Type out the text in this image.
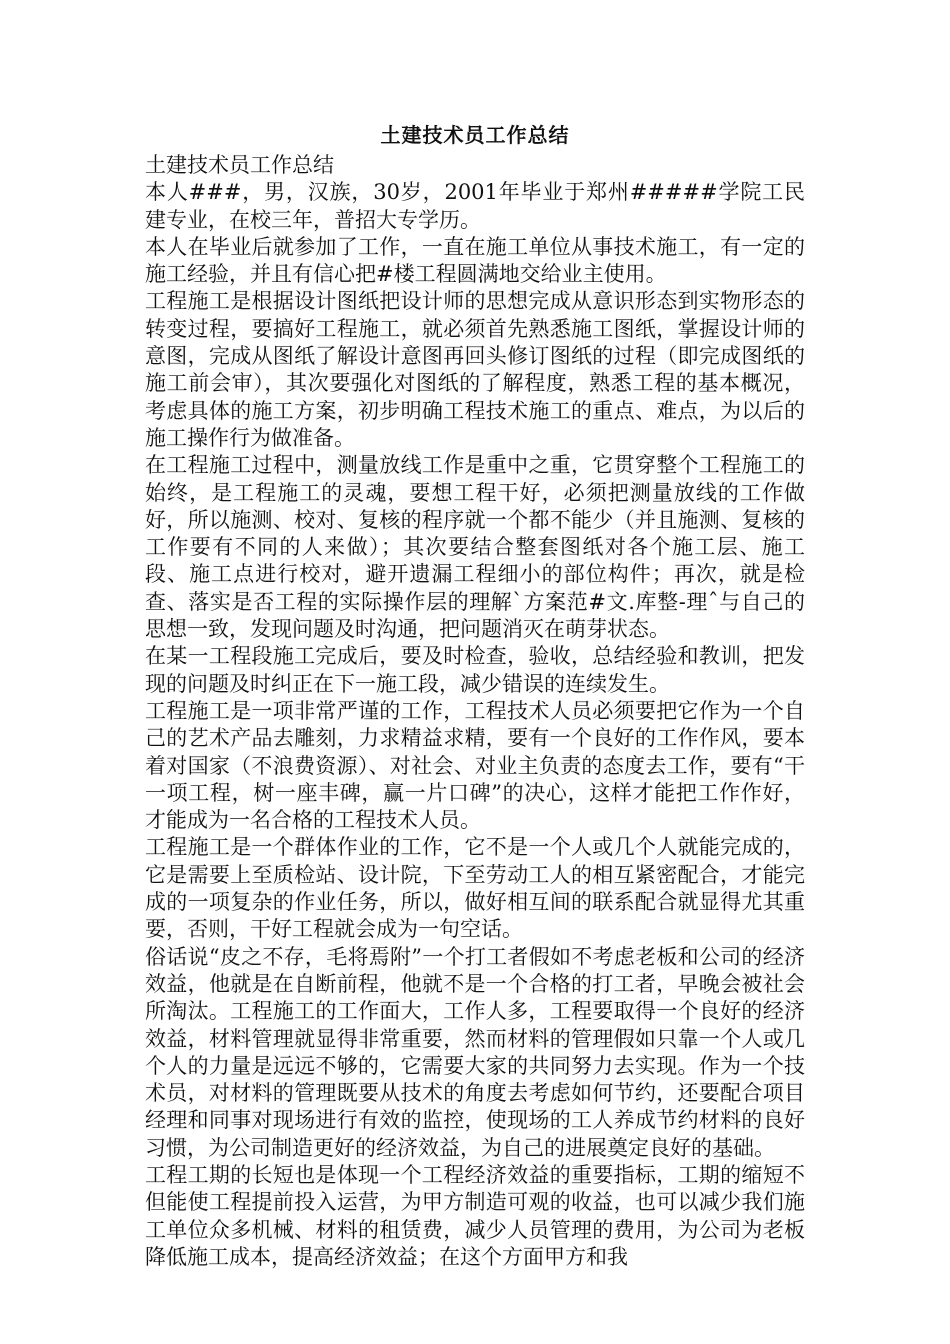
土建技术员工作总结

土建技术员工作总结

本人###，男，汉族，30岁，2001年毕业于郑州#####学院工民建专业，在校三年，普招大专学历。

本人在毕业后就参加了工作，一直在施工单位从事技术施工，有一定的施工经验，并且有信心把#楼工程圆满地交给业主使用。

工程施工是根据设计图纸把设计师的思想完成从意识形态到实物形态的转变过程，要搞好工程施工，就必须首先熟悉施工图纸，掌握设计师的意图，完成从图纸了解设计意图再回头修订图纸的过程（即完成图纸的施工前会审），其次要强化对图纸的了解程度，熟悉工程的基本概况，考虑具体的施工方案，初步明确工程技术施工的重点、难点，为以后的施工操作行为做准备。

在工程施工过程中，测量放线工作是重中之重，它贯穿整个工程施工的始终，是工程施工的灵魂，要想工程干好，必须把测量放线的工作做好，所以施测、校对、复核的程序就一个都不能少（并且施测、复核的工作要有不同的人来做）；其次要结合整套图纸对各个施工层、施工段、施工点进行校对，避开遗漏工程细小的部位构件；再次，就是检查、落实是否工程的实际操作层的理解`方案范#文.库整-理ˆ与自己的思想一致，发现问题及时沟通，把问题消灭在萌芽状态。

在某一工程段施工完成后，要及时检查，验收，总结经验和教训，把发现的问题及时纠正在下一施工段，减少错误的连续发生。

工程施工是一项非常严谨的工作，工程技术人员必须要把它作为一个自己的艺术产品去雕刻，力求精益求精，要有一个良好的工作作风，要本着对国家（不浪费资源）、对社会、对业主负责的态度去工作，要有“干一项工程，树一座丰碑，赢一片口碑”的决心，这样才能把工作作好，才能成为一名合格的工程技术人员。

工程施工是一个群体作业的工作，它不是一个人或几个人就能完成的，它是需要上至质检站、设计院，下至劳动工人的相互紧密配合，才能完成的一项复杂的作业任务，所以，做好相互间的联系配合就显得尤其重要，否则，干好工程就会成为一句空话。

俗话说“皮之不存，毛将焉附”一个打工者假如不考虑老板和公司的经济效益，他就是在自断前程，他就不是一个合格的打工者，早晚会被社会所淘汰。工程施工的工作面大，工作人多，工程要取得一个良好的经济效益，材料管理就显得非常重要，然而材料的管理假如只靠一个人或几个人的力量是远远不够的，它需要大家的共同努力去实现。作为一个技术员，对材料的管理既要从技术的角度去考虑如何节约，还要配合项目经理和同事对现场进行有效的监控，使现场的工人养成节约材料的良好习惯，为公司制造更好的经济效益，为自己的进展奠定良好的基础。

工程工期的长短也是体现一个工程经济效益的重要指标，工期的缩短不但能使工程提前投入运营，为甲方制造可观的收益，也可以减少我们施工单位众多机械、材料的租赁费，减少人员管理的费用，为公司为老板降低施工成本，提高经济效益；在这个方面甲方和我
